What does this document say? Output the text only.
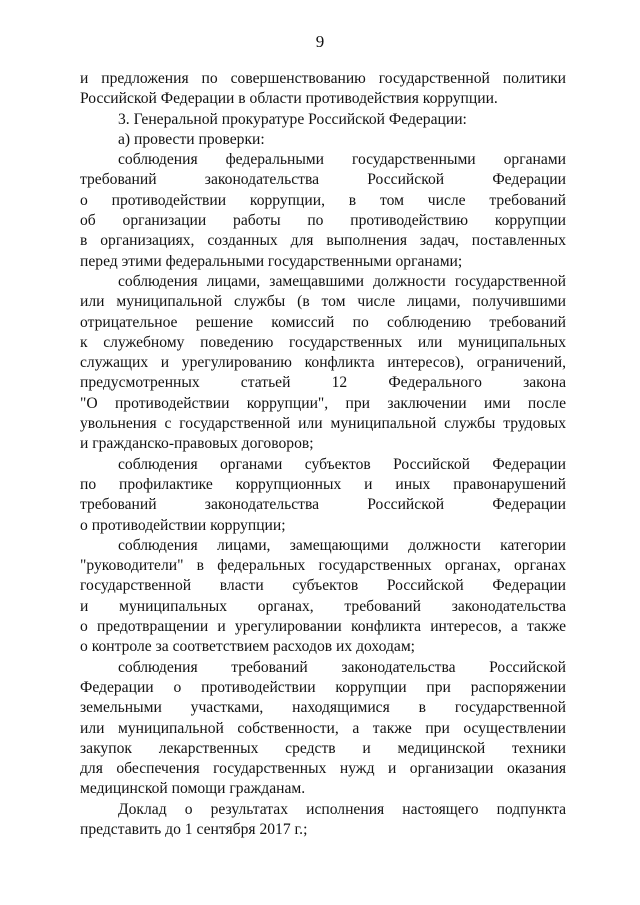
9
и предложения по совершенствованию государственной политики
Российской Федерации в области противодействия коррупции.
3. Генеральной прокуратуре Российской Федерации:
а) провести проверки:
соблюдения федеральными государственными органами
требований законодательства Российской Федерации
о противодействии коррупции, в том числе требований
об организации работы по противодействию коррупции
в организациях, созданных для выполнения задач, поставленных
перед этими федеральными государственными органами;
соблюдения лицами, замещавшими должности государственной
или муниципальной службы (в том числе лицами, получившими
отрицательное решение комиссий по соблюдению требований
к служебному поведению государственных или муниципальных
служащих и урегулированию конфликта интересов), ограничений,
предусмотренных статьей 12 Федерального закона
"О противодействии коррупции", при заключении ими после
увольнения с государственной или муниципальной службы трудовых
и гражданско-правовых договоров;
соблюдения органами субъектов Российской Федерации
по профилактике коррупционных и иных правонарушений
требований законодательства Российской Федерации
о противодействии коррупции;
соблюдения лицами, замещающими должности категории
"руководители" в федеральных государственных органах, органах
государственной власти субъектов Российской Федерации
и муниципальных органах, требований законодательства
о предотвращении и урегулировании конфликта интересов, а также
о контроле за соответствием расходов их доходам;
соблюдения требований законодательства Российской
Федерации о противодействии коррупции при распоряжении
земельными участками, находящимися в государственной
или муниципальной собственности, а также при осуществлении
закупок лекарственных средств и медицинской техники
для обеспечения государственных нужд и организации оказания
медицинской помощи гражданам.
Доклад о результатах исполнения настоящего подпункта
представить до 1 сентября 2017 г.;
